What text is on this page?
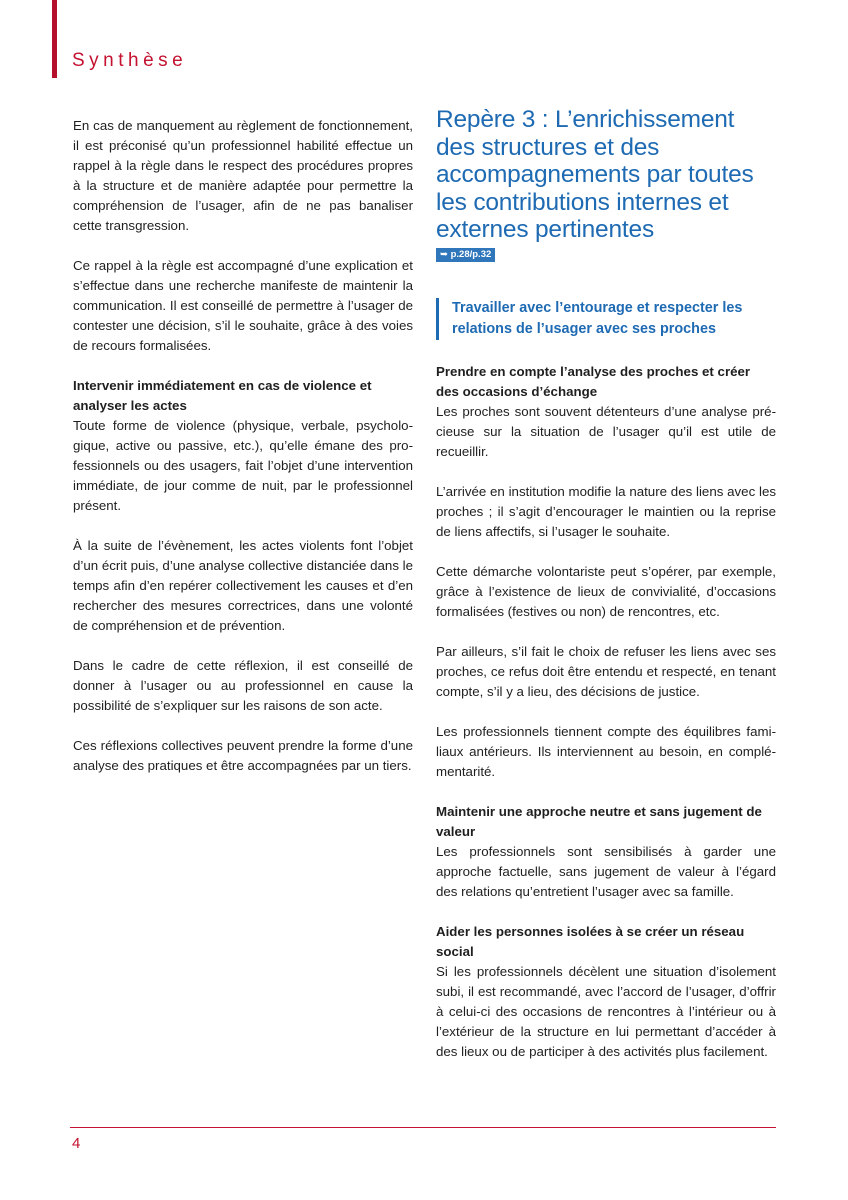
Synthèse

En cas de manquement au règlement de fonctionnement, il est préconisé qu’un professionnel habilité effectue un rappel à la règle dans le respect des procédures propres à la structure et de manière adaptée pour permettre la compréhension de l’usager, afin de ne pas banaliser cette transgression.

Ce rappel à la règle est accompagné d’une explication et s’effectue dans une recherche manifeste de maintenir la communication. Il est conseillé de permettre à l’usager de contester une décision, s’il le souhaite, grâce à des voies de recours formalisées.

Intervenir immédiatement en cas de violence et analyser les actes

Toute forme de violence (physique, verbale, psychologique, active ou passive, etc.), qu’elle émane des professionnels ou des usagers, fait l’objet d’une intervention immédiate, de jour comme de nuit, par le professionnel présent.

À la suite de l’évènement, les actes violents font l’objet d’un écrit puis, d’une analyse collective distanciée dans le temps afin d’en repérer collectivement les causes et d’en rechercher des mesures correctrices, dans une volonté de compréhension et de prévention.

Dans le cadre de cette réflexion, il est conseillé de donner à l’usager ou au professionnel en cause la possibilité de s’expliquer sur les raisons de son acte.

Ces réflexions collectives peuvent prendre la forme d’une analyse des pratiques et être accompagnées par un tiers.

Repère 3 : L’enrichissement des structures et des accompagnements par toutes les contributions internes et externes pertinentes
➥ p.28/p.32
Travailler avec l’entourage et respecter les relations de l’usager avec ses proches
Prendre en compte l’analyse des proches et créer des occasions d’échange

Les proches sont souvent détenteurs d’une analyse précieuse sur la situation de l’usager qu’il est utile de recueillir.

L’arrivée en institution modifie la nature des liens avec les proches ; il s’agit d’encourager le maintien ou la reprise de liens affectifs, si l’usager le souhaite.

Cette démarche volontariste peut s’opérer, par exemple, grâce à l’existence de lieux de convivialité, d’occasions formalisées (festives ou non) de rencontres, etc.

Par ailleurs, s’il fait le choix de refuser les liens avec ses proches, ce refus doit être entendu et respecté, en tenant compte, s’il y a lieu, des décisions de justice.

Les professionnels tiennent compte des équilibres familiaux antérieurs. Ils interviennent au besoin, en complémentarité.

Maintenir une approche neutre et sans jugement de valeur

Les professionnels sont sensibilisés à garder une approche factuelle, sans jugement de valeur à l’égard des relations qu’entretient l’usager avec sa famille.

Aider les personnes isolées à se créer un réseau social

Si les professionnels décèlent une situation d’isolement subi, il est recommandé, avec l’accord de l’usager, d’offrir à celui-ci des occasions de rencontres à l’intérieur ou à l’extérieur de la structure en lui permettant d’accéder à des lieux ou de participer à des activités plus facilement.

4
